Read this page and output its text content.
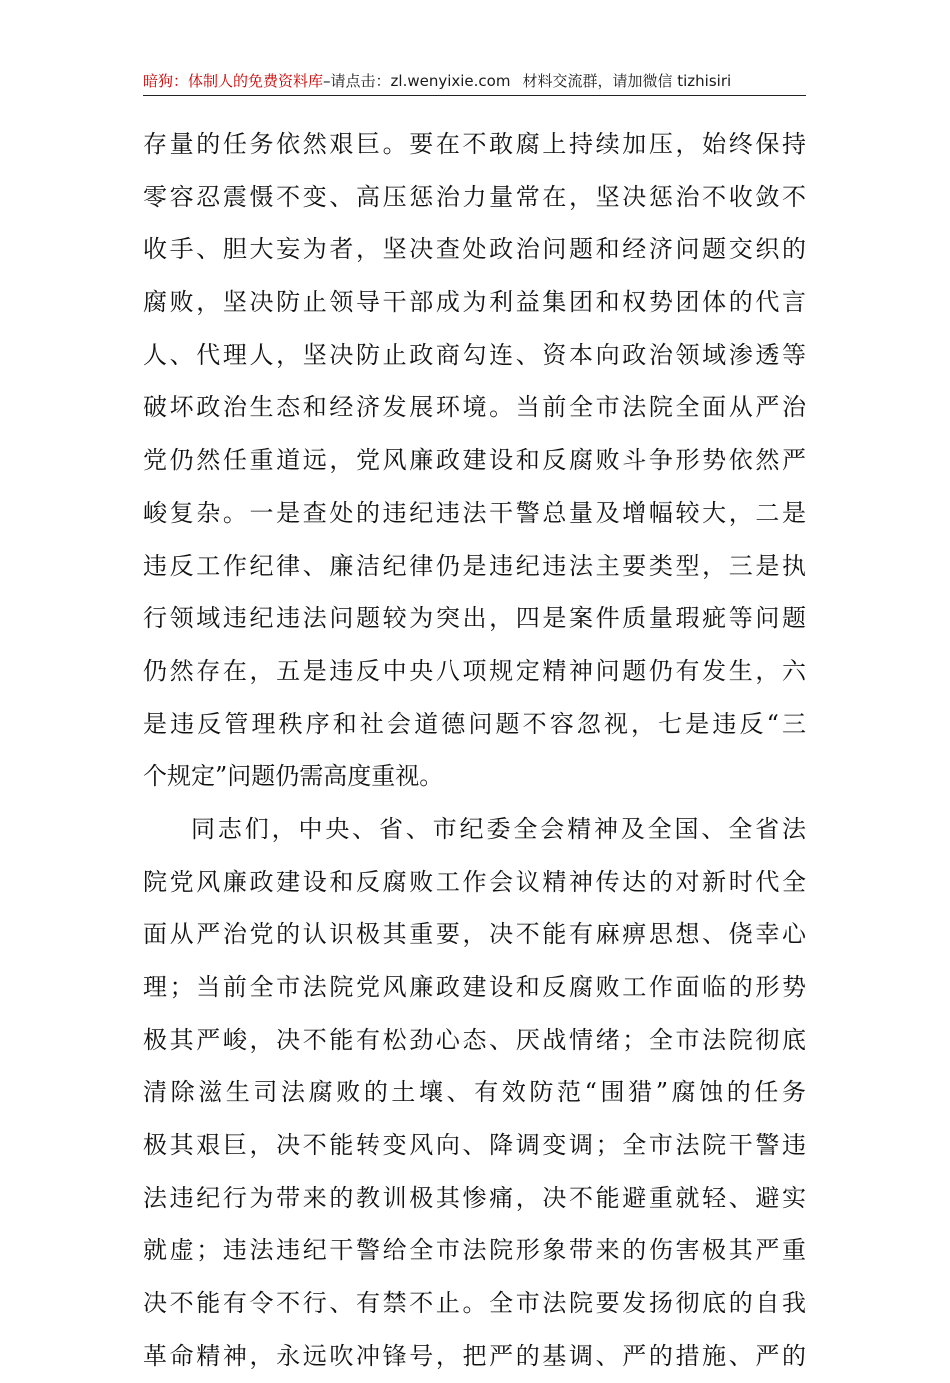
暗狗：体制人的免费资料库–请点击：zl.wenyixie.com 材料交流群，请加微信 tizhisiri
存量的任务依然艰巨。要在不敢腐上持续加压，始终保持
零容忍震慑不变、高压惩治力量常在，坚决惩治不收敛不
收手、胆大妄为者，坚决查处政治问题和经济问题交织的
腐败，坚决防止领导干部成为利益集团和权势团体的代言
人、代理人，坚决防止政商勾连、资本向政治领域渗透等
破坏政治生态和经济发展环境。当前全市法院全面从严治
党仍然任重道远，党风廉政建设和反腐败斗争形势依然严
峻复杂。一是查处的违纪违法干警总量及增幅较大，二是
违反工作纪律、廉洁纪律仍是违纪违法主要类型，三是执
行领域违纪违法问题较为突出，四是案件质量瑕疵等问题
仍然存在，五是违反中央八项规定精神问题仍有发生，六
是违反管理秩序和社会道德问题不容忽视，七是违反“三
个规定”问题仍需高度重视。
同志们，中央、省、市纪委全会精神及全国、全省法
院党风廉政建设和反腐败工作会议精神传达的对新时代全
面从严治党的认识极其重要，决不能有麻痹思想、侥幸心
理；当前全市法院党风廉政建设和反腐败工作面临的形势
极其严峻，决不能有松劲心态、厌战情绪；全市法院彻底
清除滋生司法腐败的土壤、有效防范“围猎”腐蚀的任务
极其艰巨，决不能转变风向、降调变调；全市法院干警违
法违纪行为带来的教训极其惨痛，决不能避重就轻、避实
就虚；违法违纪干警给全市法院形象带来的伤害极其严重
决不能有令不行、有禁不止。全市法院要发扬彻底的自我
革命精神，永远吹冲锋号，把严的基调、严的措施、严的
